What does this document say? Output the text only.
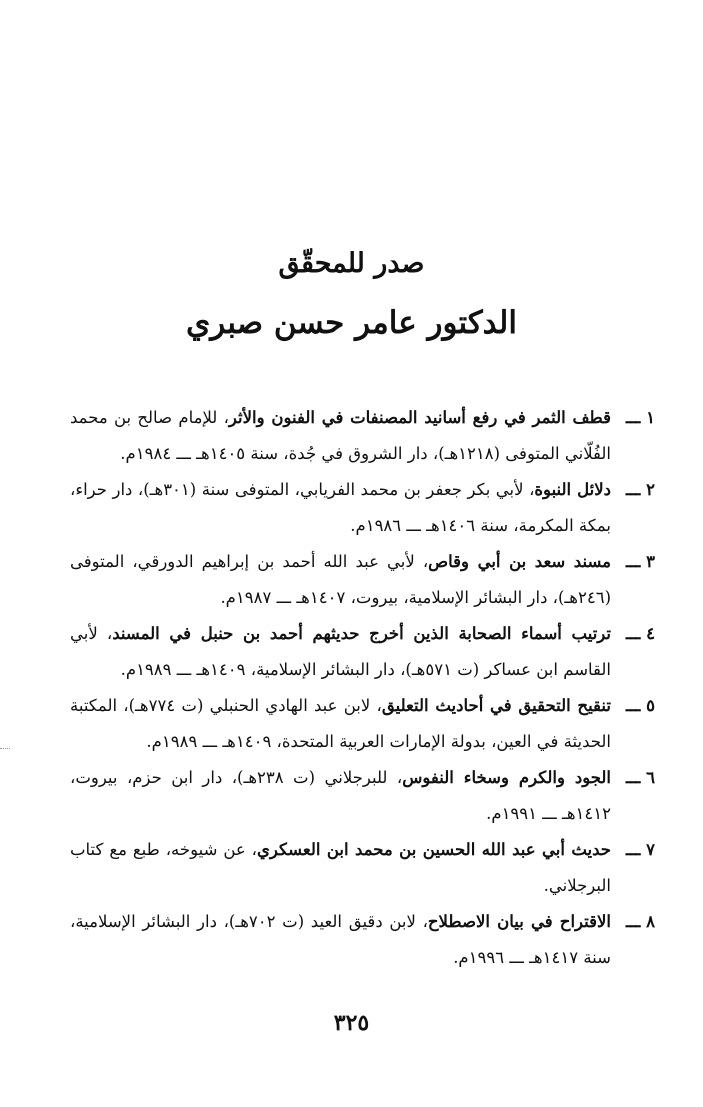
صدر للمحقّق
الدكتور عامر حسن صبري
١ ـــ
قطف الثمر في رفع أسانيد المصنفات في الفنون والأثر، للإمام صالح بن محمد الفُلّاني المتوفى (١٢١٨هـ)، دار الشروق في جُدة، سنة ١٤٠٥هـ ـــ ١٩٨٤م.
٢ ـــ
دلائل النبوة، لأبي بكر جعفر بن محمد الفريابي، المتوفى سنة (٣٠١هـ)، دار حراء، بمكة المكرمة، سنة ١٤٠٦هـ ـــ ١٩٨٦م.
٣ ـــ
مسند سعد بن أبي وقاص، لأبي عبد الله أحمد بن إبراهيم الدورقي، المتوفى (٢٤٦هـ)، دار البشائر الإسلامية، بيروت، ١٤٠٧هـ ـــ ١٩٨٧م.
٤ ـــ
ترتيب أسماء الصحابة الذين أخرج حديثهم أحمد بن حنبل في المسند، لأبي القاسم ابن عساكر (ت ٥٧١هـ)، دار البشائر الإسلامية، ١٤٠٩هـ ـــ ١٩٨٩م.
٥ ـــ
تنقيح التحقيق في أحاديث التعليق، لابن عبد الهادي الحنبلي (ت ٧٧٤هـ)، المكتبة الحديثة في العين، بدولة الإمارات العربية المتحدة، ١٤٠٩هـ ـــ ١٩٨٩م.
٦ ـــ
الجود والكرم وسخاء النفوس، للبرجلاني (ت ٢٣٨هـ)، دار ابن حزم، بيروت، ١٤١٢هـ ـــ ١٩٩١م.
٧ ـــ
حديث أبي عبد الله الحسين بن محمد ابن العسكري، عن شيوخه، طبع مع كتاب البرجلاني.
٨ ـــ
الاقتراح في بيان الاصطلاح، لابن دقيق العيد (ت ٧٠٢هـ)، دار البشائر الإسلامية، سنة ١٤١٧هـ ـــ ١٩٩٦م.
٣٢٥
